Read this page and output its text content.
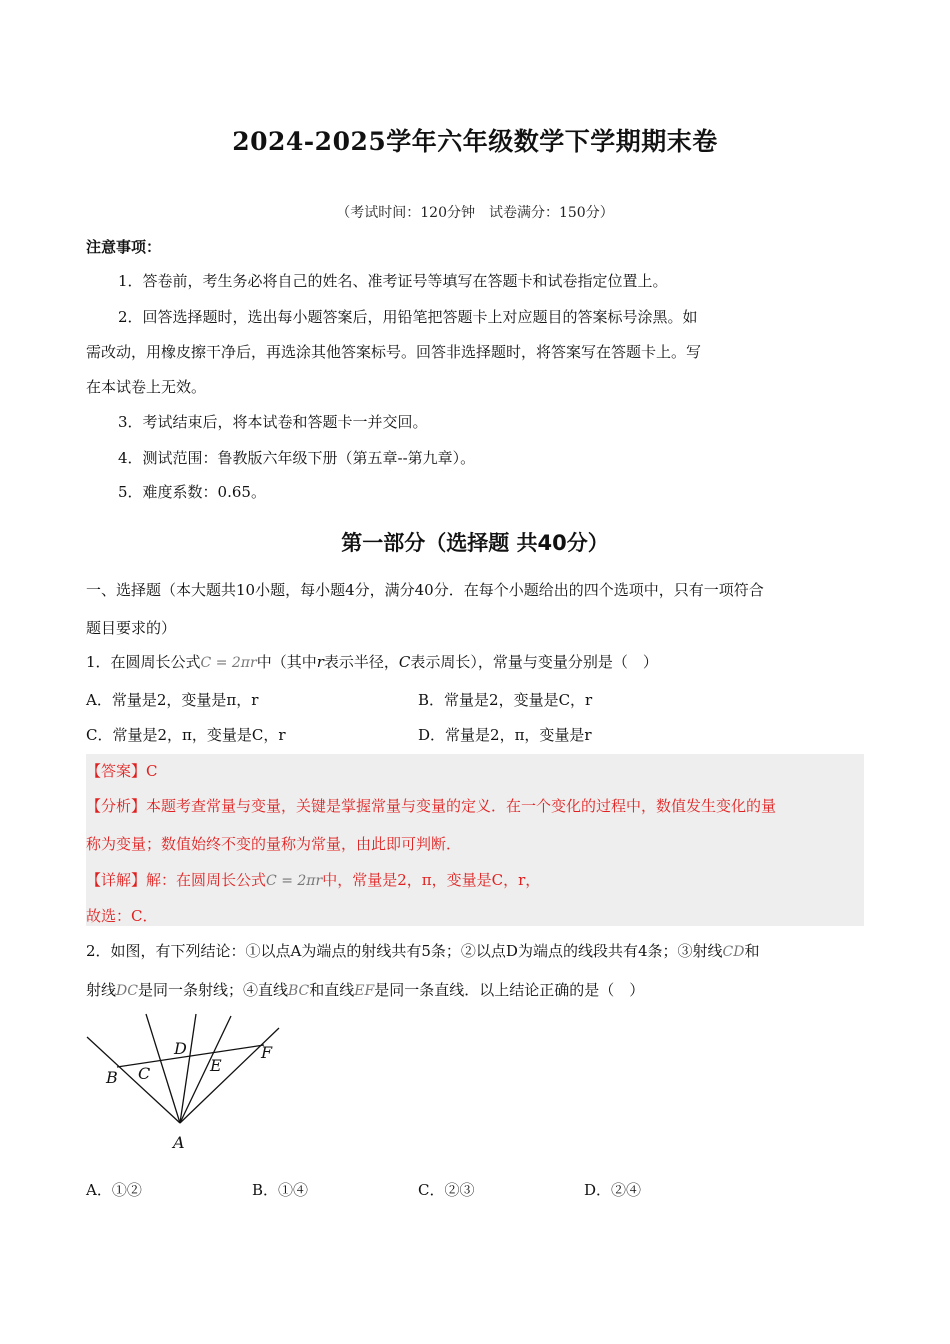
2024-2025学年六年级数学下学期期末卷
（考试时间：120分钟　试卷满分：150分）
注意事项：
1．答卷前，考生务必将自己的姓名、准考证号等填写在答题卡和试卷指定位置上。
2．回答选择题时，选出每小题答案后，用铅笔把答题卡上对应题目的答案标号涂黑。如
需改动，用橡皮擦干净后，再选涂其他答案标号。回答非选择题时，将答案写在答题卡上。写
在本试卷上无效。
3．考试结束后，将本试卷和答题卡一并交回。
4．测试范围：鲁教版六年级下册（第五章--第九章）。
5．难度系数：0.65。
第一部分（选择题 共40分）
一、选择题（本大题共10小题，每小题4分，满分40分．在每个小题给出的四个选项中，只有一项符合
题目要求的）
1．在圆周长公式C = 2πr中（其中r表示半径，C表示周长），常量与变量分别是（　）
A．常量是2，变量是π，r	B．常量是2，变量是C，r
C．常量是2，π，变量是C，r	D．常量是2，π，变量是r
【答案】C
【分析】本题考查常量与变量，关键是掌握常量与变量的定义．在一个变化的过程中，数值发生变化的量
称为变量；数值始终不变的量称为常量，由此即可判断．
【详解】解：在圆周长公式C = 2πr中，常量是2，π，变量是C，r，
故选：C．
2．如图，有下列结论：①以点A为端点的射线共有5条；②以点D为端点的线段共有4条；③射线CD和
射线DC是同一条射线；④直线BC和直线EF是同一条直线．以上结论正确的是（　）
B C
D
E
F
A
A．①②	B．①④	C．②③	D．②④
